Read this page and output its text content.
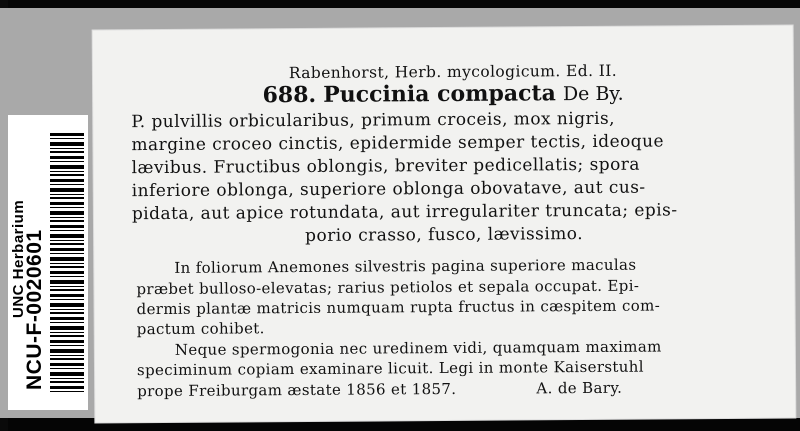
UNC Herbarium
NCU-F-0020601
Rabenhorst, Herb. mycologicum. Ed. II.
688. Puccinia compacta De By.
P. pulvillis orbicularibus, primum croceis, mox nigris,
margine croceo cinctis, epidermide semper tectis, ideoque
lævibus. Fructibus oblongis, breviter pedicellatis; spora
inferiore oblonga, superiore oblonga obovatave, aut cus-
pidata, aut apice rotundata, aut irregulariter truncata; epis-
porio crasso, fusco, lævissimo.
In foliorum Anemones silvestris pagina superiore maculas
præbet bulloso-elevatas; rarius petiolos et sepala occupat. Epi-
dermis plantæ matricis numquam rupta fructus in cæspitem com-
pactum cohibet.
Neque spermogonia nec uredinem vidi, quamquam maximam
speciminum copiam examinare licuit. Legi in monte Kaiserstuhl
prope Freiburgam æstate 1856 et 1857.	A. de Bary.
